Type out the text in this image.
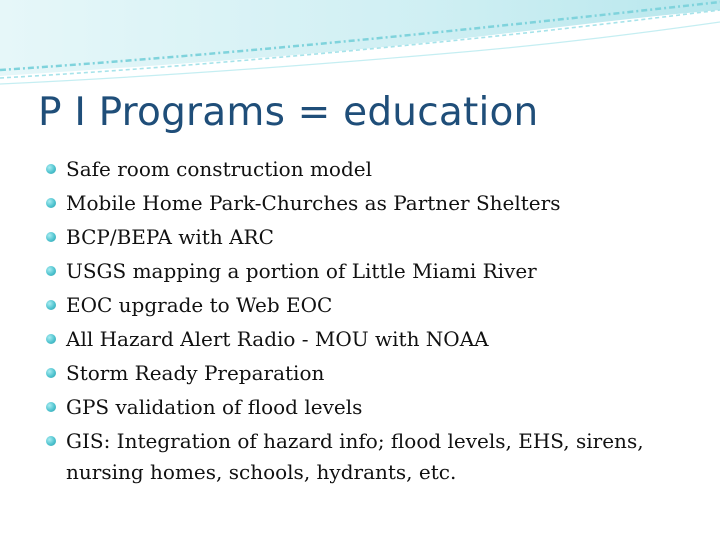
P I Programs = education
Safe room construction model
Mobile Home Park-Churches as Partner Shelters
BCP/BEPA with ARC
USGS mapping a portion of Little Miami River
EOC upgrade to Web EOC
All Hazard Alert Radio - MOU with NOAA
Storm Ready Preparation
GPS validation of flood levels
GIS: Integration of hazard info; flood levels, EHS, sirens, nursing homes, schools, hydrants, etc.
